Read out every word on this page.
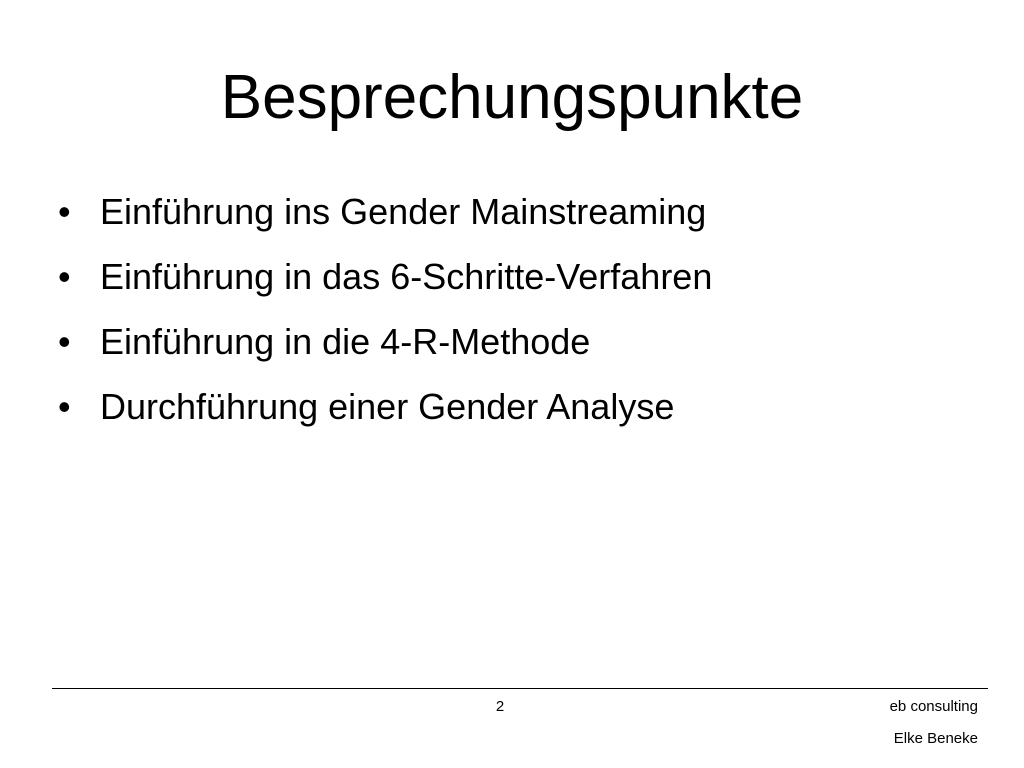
Besprechungspunkte
• Einführung ins Gender Mainstreaming
• Einführung in das 6-Schritte-Verfahren
• Einführung in die 4-R-Methode
• Durchführung einer Gender Analyse
2	eb consulting
Elke Beneke
